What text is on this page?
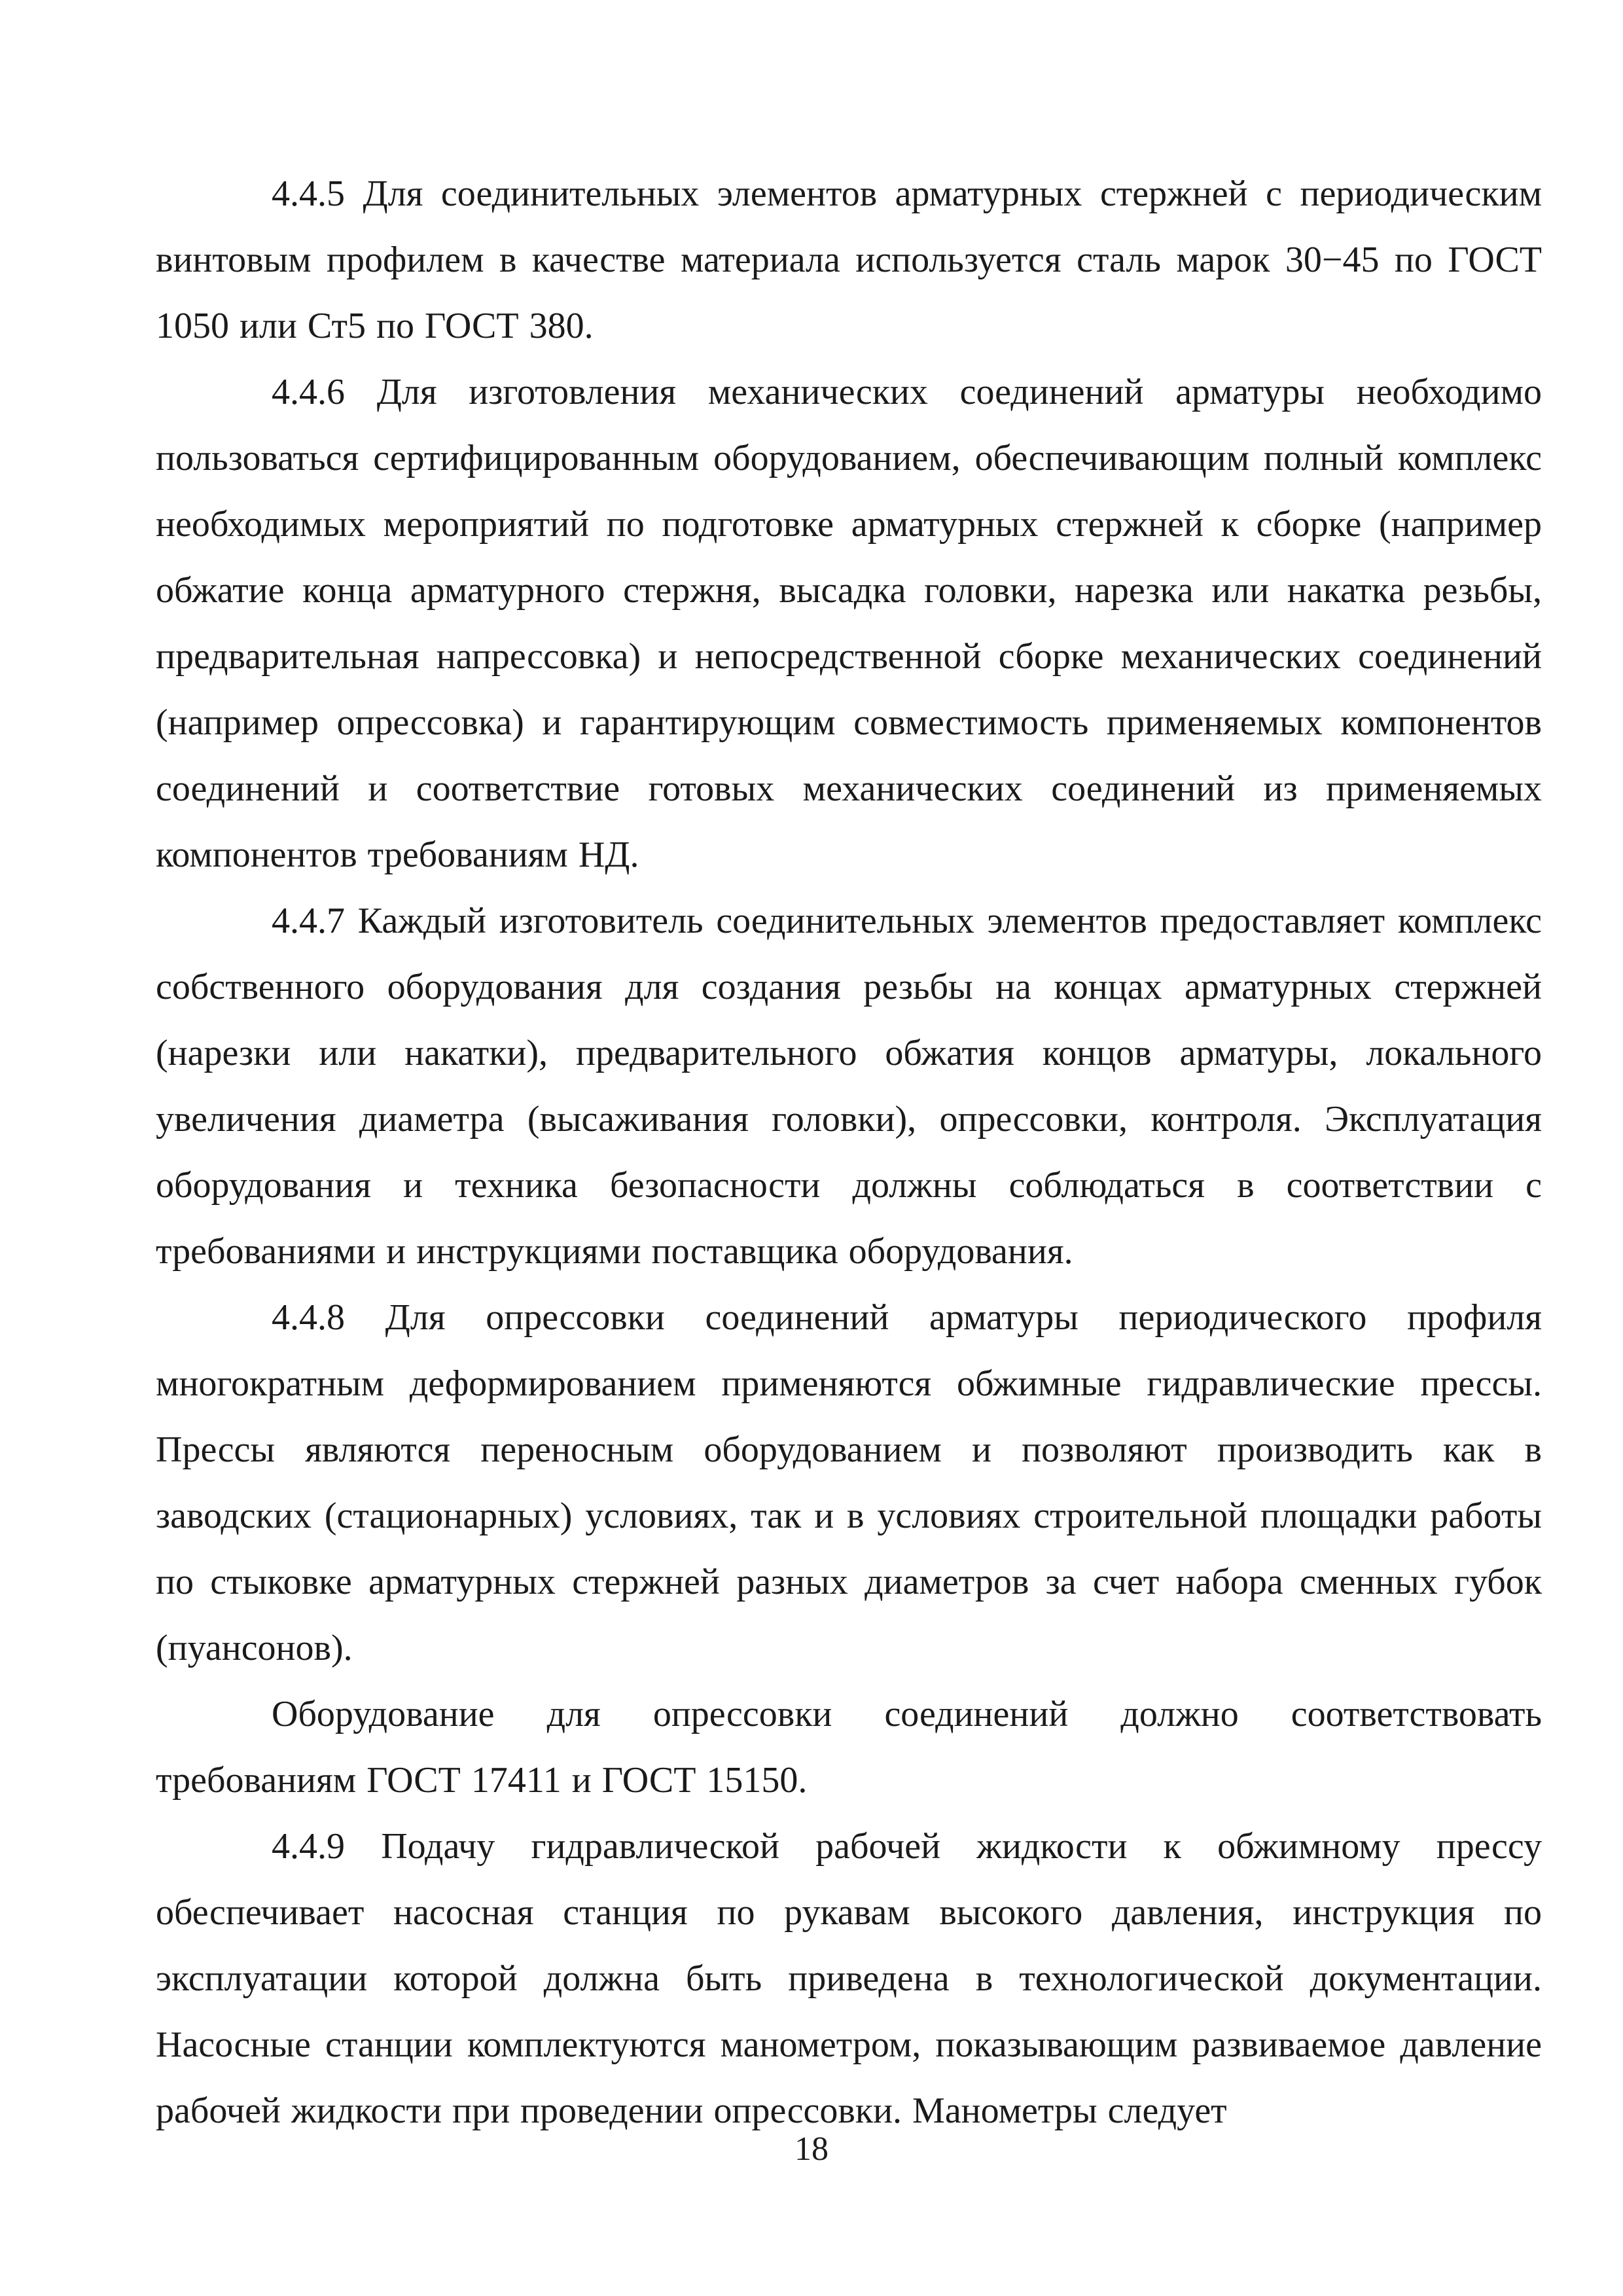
4.4.5 Для соединительных элементов арматурных стержней с периодическим винтовым профилем в качестве материала используется сталь марок 30−45 по ГОСТ 1050 или Ст5 по ГОСТ 380.

4.4.6 Для изготовления механических соединений арматуры необходимо пользоваться сертифицированным оборудованием, обеспечивающим полный комплекс необходимых мероприятий по подготовке арматурных стержней к сборке (например обжатие конца арматурного стержня, высадка головки, нарезка или накатка резьбы, предварительная напрессовка) и непосредственной сборке механических соединений (например опрессовка) и гарантирующим совместимость применяемых компонентов соединений и соответствие готовых механических соединений из применяемых компонентов требованиям НД.

4.4.7 Каждый изготовитель соединительных элементов предоставляет комплекс собственного оборудования для создания резьбы на концах арматурных стержней (нарезки или накатки), предварительного обжатия концов арматуры, локального увеличения диаметра (высаживания головки), опрессовки, контроля. Эксплуатация оборудования и техника безопасности должны соблюдаться в соответствии с требованиями и инструкциями поставщика оборудования.

4.4.8 Для опрессовки соединений арматуры периодического профиля многократным деформированием применяются обжимные гидравлические прессы. Прессы являются переносным оборудованием и позволяют производить как в заводских (стационарных) условиях, так и в условиях строительной площадки работы по стыковке арматурных стержней разных диаметров за счет набора сменных губок (пуансонов).

Оборудование для опрессовки соединений должно соответствовать требованиям ГОСТ 17411 и ГОСТ 15150.

4.4.9 Подачу гидравлической рабочей жидкости к обжимному прессу обеспечивает насосная станция по рукавам высокого давления, инструкция по эксплуатации которой должна быть приведена в технологической документации. Насосные станции комплектуются манометром, показывающим развиваемое давление рабочей жидкости при проведении опрессовки. Манометры следует

18
